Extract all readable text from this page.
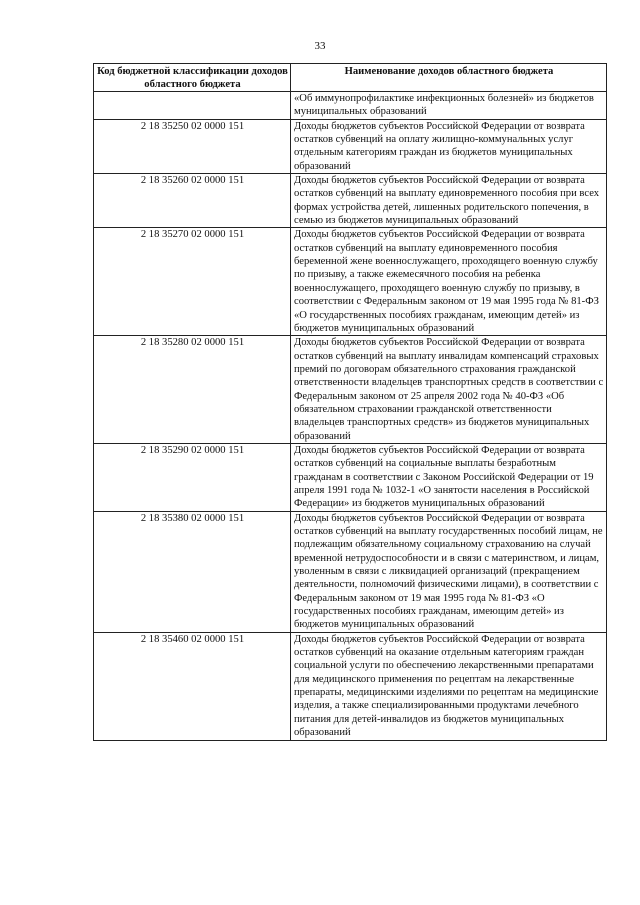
33
Код бюджетной классификации доходов областного бюджета	Наименование доходов областного бюджета
	«Об иммунопрофилактике инфекционных болезней» из бюджетов муниципальных образований
2 18 35250 02 0000 151	Доходы бюджетов субъектов Российской Федерации от возврата остатков субвенций на оплату жилищно-коммунальных услуг отдельным категориям граждан из бюджетов муниципальных образований
2 18 35260 02 0000 151	Доходы бюджетов субъектов Российской Федерации от возврата остатков субвенций на выплату единовременного пособия при всех формах устройства детей, лишенных родительского попечения, в семью из бюджетов муниципальных образований
2 18 35270 02 0000 151	Доходы бюджетов субъектов Российской Федерации от возврата остатков субвенций на выплату единовременного пособия беременной жене военнослужащего, проходящего военную службу по призыву, а также ежемесячного пособия на ребенка военнослужащего, проходящего военную службу по призыву, в соответствии с Федеральным законом от 19 мая 1995 года № 81-ФЗ «О государственных пособиях гражданам, имеющим детей» из бюджетов муниципальных образований
2 18 35280 02 0000 151	Доходы бюджетов субъектов Российской Федерации от возврата остатков субвенций на выплату инвалидам компенсаций страховых премий по договорам обязательного страхования гражданской ответственности владельцев транспортных средств в соответствии с Федеральным законом от 25 апреля 2002 года № 40-ФЗ «Об обязательном страховании гражданской ответственности владельцев транспортных средств» из бюджетов муниципальных образований
2 18 35290 02 0000 151	Доходы бюджетов субъектов Российской Федерации от возврата остатков субвенций на социальные выплаты безработным гражданам в соответствии с Законом Российской Федерации от 19 апреля 1991 года № 1032-1 «О занятости населения в Российской Федерации» из бюджетов муниципальных образований
2 18 35380 02 0000 151	Доходы бюджетов субъектов Российской Федерации от возврата остатков субвенций на выплату государственных пособий лицам, не подлежащим обязательному социальному страхованию на случай временной нетрудоспособности и в связи с материнством, и лицам, уволенным в связи с ликвидацией организаций (прекращением деятельности, полномочий физическими лицами), в соответствии с Федеральным законом от 19 мая 1995 года № 81-ФЗ «О государственных пособиях гражданам, имеющим детей» из бюджетов муниципальных образований
2 18 35460 02 0000 151	Доходы бюджетов субъектов Российской Федерации от возврата остатков субвенций на оказание отдельным категориям граждан социальной услуги по обеспечению лекарственными препаратами для медицинского применения по рецептам на лекарственные препараты, медицинскими изделиями по рецептам на медицинские изделия, а также специализированными продуктами лечебного питания для детей-инвалидов из бюджетов муниципальных образований
